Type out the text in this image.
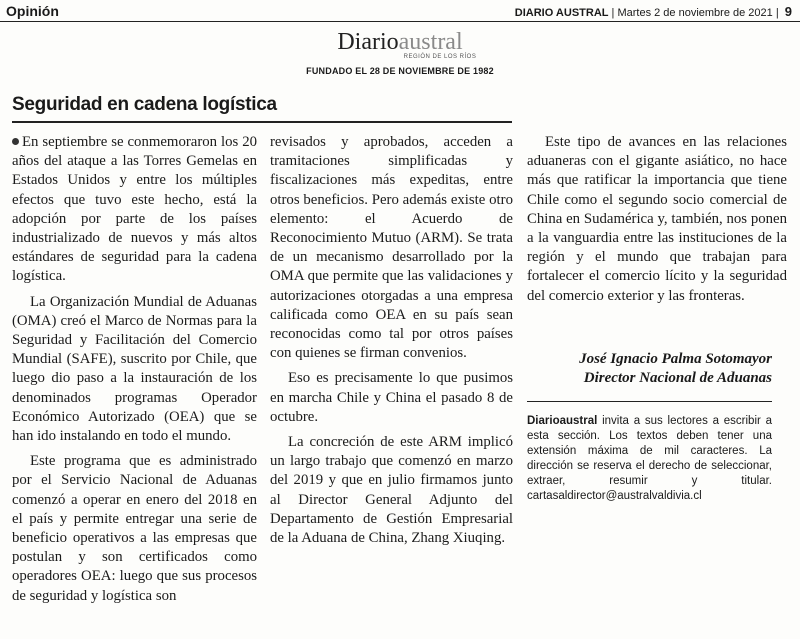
Opinión	DIARIO AUSTRAL | Martes 2 de noviembre de 2021 | 9
Diarioaustral
REGIÓN DE LOS RÍOS
FUNDADO EL 28 DE NOVIEMBRE DE 1982
Seguridad en cadena logística

En septiembre se conmemoraron los 20 años del ataque a las Torres Gemelas en Estados Unidos y entre los múltiples efectos que tuvo este hecho, está la adopción por parte de los países industrializado de nuevos y más altos estándares de seguridad para la cadena logística.

La Organización Mundial de Aduanas (OMA) creó el Marco de Normas para la Seguridad y Facilitación del Comercio Mundial (SAFE), suscrito por Chile, que luego dio paso a la instauración de los denominados programas Operador Económico Autorizado (OEA) que se han ido instalando en todo el mundo.

Este programa que es administrado por el Servicio Nacional de Aduanas comenzó a operar en enero del 2018 en el país y permite entregar una serie de beneficio operativos a las empresas que postulan y son certificados como operadores OEA: luego que sus procesos de seguridad y logística son

revisados y aprobados, acceden a tramitaciones simplificadas y fiscalizaciones más expeditas, entre otros beneficios. Pero además existe otro elemento: el Acuerdo de Reconocimiento Mutuo (ARM). Se trata de un mecanismo desarrollado por la OMA que permite que las validaciones y autorizaciones otorgadas a una empresa calificada como OEA en su país sean reconocidas como tal por otros países con quienes se firman convenios.

Eso es precisamente lo que pusimos en marcha Chile y China el pasado 8 de octubre.

La concreción de este ARM implicó un largo trabajo que comenzó en marzo del 2019 y que en julio firmamos junto al Director General Adjunto del Departamento de Gestión Empresarial de la Aduana de China, Zhang Xiuqing.

Este tipo de avances en las relaciones aduaneras con el gigante asiático, no hace más que ratificar la importancia que tiene Chile como el segundo socio comercial de China en Sudamérica y, también, nos ponen a la vanguardia entre las instituciones de la región y el mundo que trabajan para fortalecer el comercio lícito y la seguridad del comercio exterior y las fronteras.

José Ignacio Palma Sotomayor
Director Nacional de Aduanas
Diarioaustral invita a sus lectores a escribir a esta sección. Los textos deben tener una extensión máxima de mil caracteres. La dirección se reserva el derecho de seleccionar, extraer, resumir y titular. cartasaldirector@australvaldivia.cl
